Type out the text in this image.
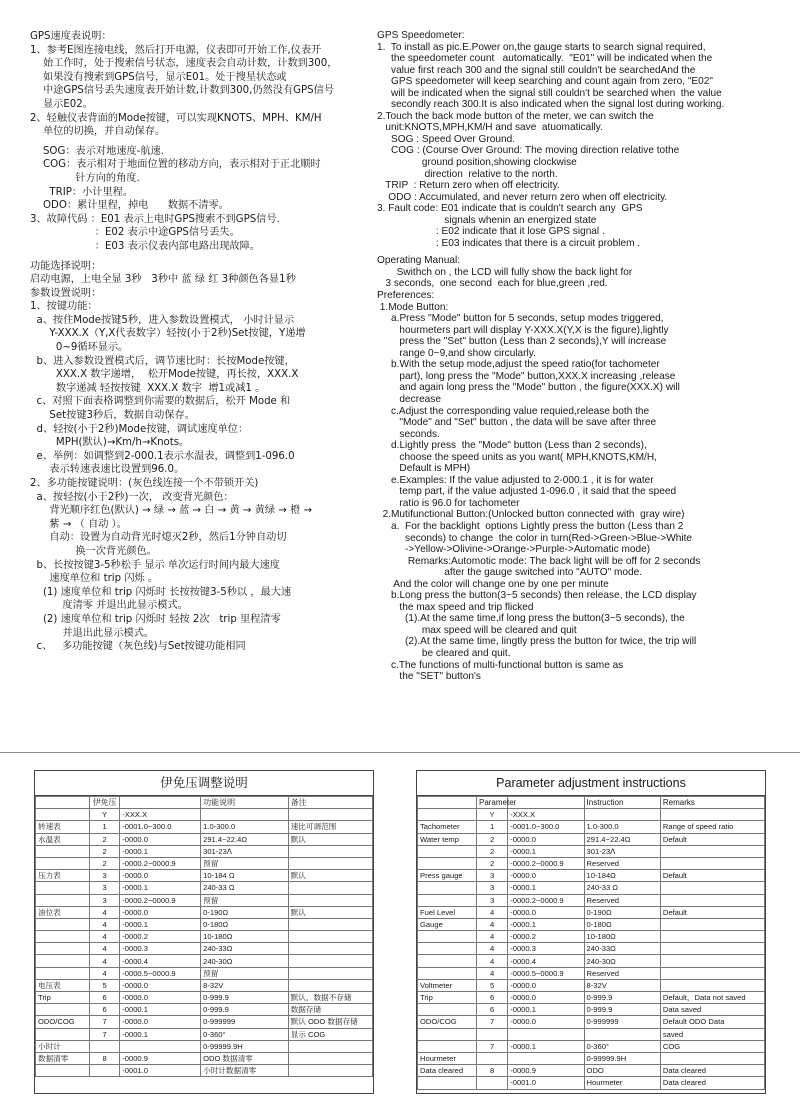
GPS速度表说明：
1、参考E图连接电线，然后打开电源，仪表即可开始工作,仪表开
始工作时，处于搜索信号状态，速度表会自动计数，计数到300，
如果没有搜索到GPS信号，显示E01。处于搜星状态或
中途GPS信号丢失速度表开始计数,计数到300,仍然没有GPS信号
显示E02。
2、轻触仪表背面的Mode按键，可以实现KNOTS、MPH、KM/H
单位的切换，并自动保存。
SOG：表示对地速度-航速.
COG：表示相对于地面位置的移动方向，表示相对于正北顺时
针方向的角度.
TRIP：小计里程。
ODO：累计里程，掉电      数据不清零。
3、故障代码 ：E01 表示上电时GPS搜索不到GPS信号.
：E02 表示中途GPS信号丢失。
：E03 表示仪表内部电路出现故障。
功能选择说明：
启动电源，上电全显 3秒   3秒中 蓝 绿 红 3种颜色各显1秒
参数设置说明：
1、按键功能：
a、按住Mode按键5秒，进入参数设置模式， 小时计显示
Y-XXX.X（Y,X代表数字）轻按(小于2秒)Set按键，Y递增
0~9循环显示。
b、进入参数设置模式后，调节速比时：长按Mode按键，
XXX.X 数字递增，  松开Mode按键，再长按，XXX.X
数字递减 轻按按键  XXX.X 数字  增1或减1 。
c、对照下面表格调整到你需要的数据后，松开 Mode 和
Set按键3秒后，数据自动保存。
d、轻按(小于2秒)Mode按键，调试速度单位：
MPH(默认)→Km/h→Knots。
e、举例：如调整到2-000.1表示水温表，调整到1-096.0
表示转速表速比设置到96.0。
2、多功能按键说明：(灰色线连接一个不带锁开关)
a、按轻按(小于2秒)一次， 改变背光颜色：
背光顺序红色(默认) → 绿 → 蓝 → 白 → 黄 → 黄绿 → 橙 →
紫 → （ 自动 ）。
自动：设置为自动背光时熄灭2秒，然后1分钟自动切
换一次背光颜色。
b、长按按键3-5秒松手 显示 单次运行时间内最大速度
速度单位和 trip 闪烁 。
(1) 速度单位和 trip 闪烁时 长按按键3-5秒以 ，最大速
度清零 并退出此显示模式。
(2) 速度单位和 trip 闪烁时 轻按 2次   trip 里程清零
并退出此显示模式。
c、   多功能按键（灰色线)与Set按键功能相同
GPS Speedometer:
1.  To install as pic.E.Power on,the gauge starts to search signal required,
the speedometer count   automatically.  "E01" will be indicated when the
value first reach 300 and the signal still couldn't be searchedAnd the
GPS speedometer will keep searching and count again from zero, "E02"
will be indicated when the signal still couldn't be searched when  the value
secondly reach 300.It is also indicated when the signal lost during working.
2.Touch the back mode button of the meter, we can switch the
unit:KNOTS,MPH,KM/H and save  atuomatically.
SOG : Speed Over Ground.
COG : (Course Over Ground: The moving direction relative tothe
ground position,showing clockwise
direction  relative to the north.
TRIP  : Return zero when off electricity.
ODO : Accumulated, and never return zero when off electricity.
3. Fault code: E01 indicate that is couldn't search any  GPS
signals whenin an energized state
: E02 indicate that it lose GPS signal .
: E03 indicates that there is a circuit problem .
Operating Manual:
Swithch on , the LCD will fully show the back light for
3 seconds,  one second  each for blue,green ,red.
Preferences:
1.Mode Button:
a.Press "Mode" button for 5 seconds, setup modes triggered,
hourmeters part will display Y-XXX.X(Y,X is the figure),lightly
press the "Set" button (Less than 2 seconds),Y will increase
range 0~9,and show circularly.
b.With the setup mode,adjust the speed ratio(for tachometer
part), long press the "Mode" button,XXX.X increasing ,release
and again long press the "Mode" button , the figure(XXX.X) will
decrease
c.Adjust the corresponding value requied,release both the
"Mode" and "Set" button , the data will be save after three
seconds.
d.Lightly press  the "Mode" button (Less than 2 seconds),
choose the speed units as you want( MPH,KNOTS,KM/H,
Default is MPH)
e.Examples: If the value adjusted to 2-000.1 , it is for water
temp part, if the value adjusted 1-096.0 , it said that the speed
ratio is 96.0 for tachometer
2.Mutifunctional Button:(Unlocked button connected with  gray wire)
a.  For the backlight  options Lightly press the button (Less than 2
seconds) to change  the color in turn(Red->Green->Blue->White
->Yellow->Olivine->Orange->Purple->Automatic mode)
Remarks:Automotic mode: The back light will be off for 2 seconds
after the gauge switched into "AUTO" mode.
And the color will change one by one per minute
b.Long press the button(3~5 seconds) then release, the LCD display
the max speed and trip flicked
(1).At the same time,if long press the button(3~5 seconds), the
max speed will be cleared and quit
(2).At the same time, lingtly press the button for twice, the trip will
be cleared and quit.
c.The functions of multi-functional button is same as
the "SET" button's
伊免压调整说明
	伊免压		功能说明	备注
	Y	-XXX.X		
转速表	1	-0001.0~300.0	1.0-300.0	速比可调范围
水温表	2	-0000.0	291.4~22.4Ω	默认
	2	-0000.1	301-23ᐱ	
	2	-0000.2~0000.9	预留	
压力表	3	-0000.0	10-184 Ω	默认
	3	-0000.1	240-33 Ω	
	3	-0000.2~0000.9	预留	
油位表	4	-0000.0	0-190Ω	默认
	4	-0000.1	0-180Ω	
	4	-0000.2	10-180Ω	
	4	-0000.3	240-33Ω	
	4	-0000.4	240-30Ω	
	4	-0000.5~0000.9	预留	
电压表	5	-0000.0	8-32V	
Trip	6	-0000.0	0-999.9	默认，数据不存储
	6	-0000.1	0-999.9	数据存储
ODO/COG	7	-0000.0	0-999999	默认 ODO 数据存储
	7	-0000.1	0-360°	显示 COG
小时计			0-99999.9H	
数据清零	8	-0000.9	ODO 数据清零	
		-0001.0	小时计数据清零	
Parameter adjustment instructions
	Parameter		Instruction	Remarks
	Y	-XXX.X		
Tachometer	1	-0001.0~300.0	1.0-300.0	Range of speed ratio
Water temp	2	-0000.0	291.4~22.4Ω	Default
	2	-0000.1	301-23ᐱ	
	2	-0000.2~0000.9	Reserved	
Press gauge	3	-0000.0	10-184Ω	Default
	3	-0000.1	240-33 Ω	
	3	-0000.2~0000.9	Reserved	
Fuel Level	4	-0000.0	0-190Ω	Default
Gauge	4	-0000.1	0-180Ω	
	4	-0000.2	10-180Ω	
	4	-0000.3	240-33Ω	
	4	-0000.4	240-30Ω	
	4	-0000.5~0000.9	Reserved	
Voltmeter	5	-0000.0	8-32V	
Trip	6	-0000.0	0-999.9	Default，Data not saved
	6	-0000.1	0-999.9	Data saved
ODO/COG	7	-0000.0	0-999999	Default ODO Data
				saved
	7	-0000.1	0-360°	COG
Hourmeter			0-99999.9H	
Data cleared	8	-0000.9	ODO	Data cleared
		-0001.0	Hourmeter	Data cleared
